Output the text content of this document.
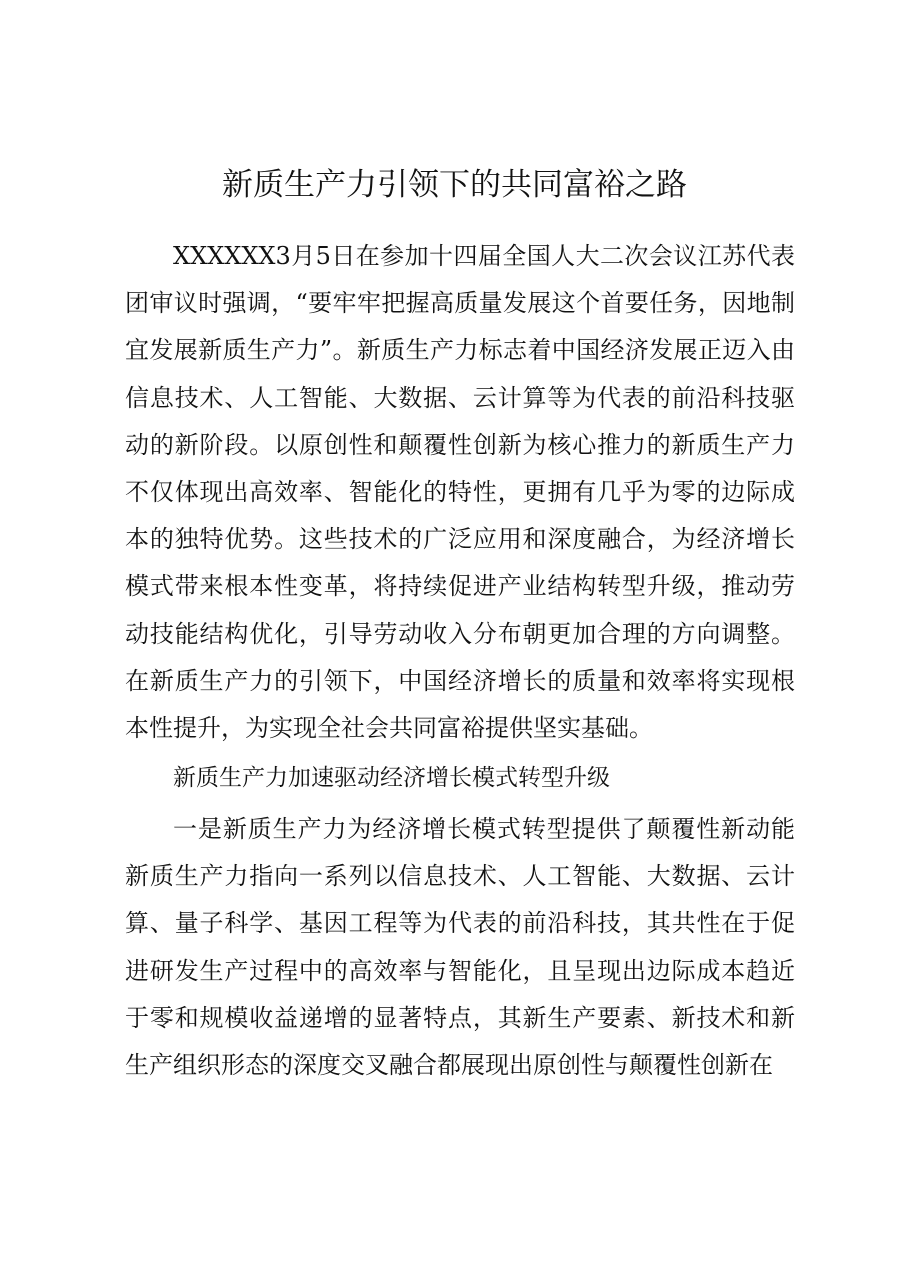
新质生产力引领下的共同富裕之路

XXXXXX3月5日在参加十四届全国人大二次会议江苏代表团审议时强调，“要牢牢把握高质量发展这个首要任务，因地制宜发展新质生产力”。新质生产力标志着中国经济发展正迈入由信息技术、人工智能、大数据、云计算等为代表的前沿科技驱动的新阶段。以原创性和颠覆性创新为核心推力的新质生产力不仅体现出高效率、智能化的特性，更拥有几乎为零的边际成本的独特优势。这些技术的广泛应用和深度融合，为经济增长模式带来根本性变革，将持续促进产业结构转型升级，推动劳动技能结构优化，引导劳动收入分布朝更加合理的方向调整。在新质生产力的引领下，中国经济增长的质量和效率将实现根本性提升，为实现全社会共同富裕提供坚实基础。

新质生产力加速驱动经济增长模式转型升级

一是新质生产力为经济增长模式转型提供了颠覆性新动能新质生产力指向一系列以信息技术、人工智能、大数据、云计算、量子科学、基因工程等为代表的前沿科技，其共性在于促进研发生产过程中的高效率与智能化，且呈现出边际成本趋近于零和规模收益递增的显著特点，其新生产要素、新技术和新生产组织形态的深度交叉融合都展现出原创性与颠覆性创新在
